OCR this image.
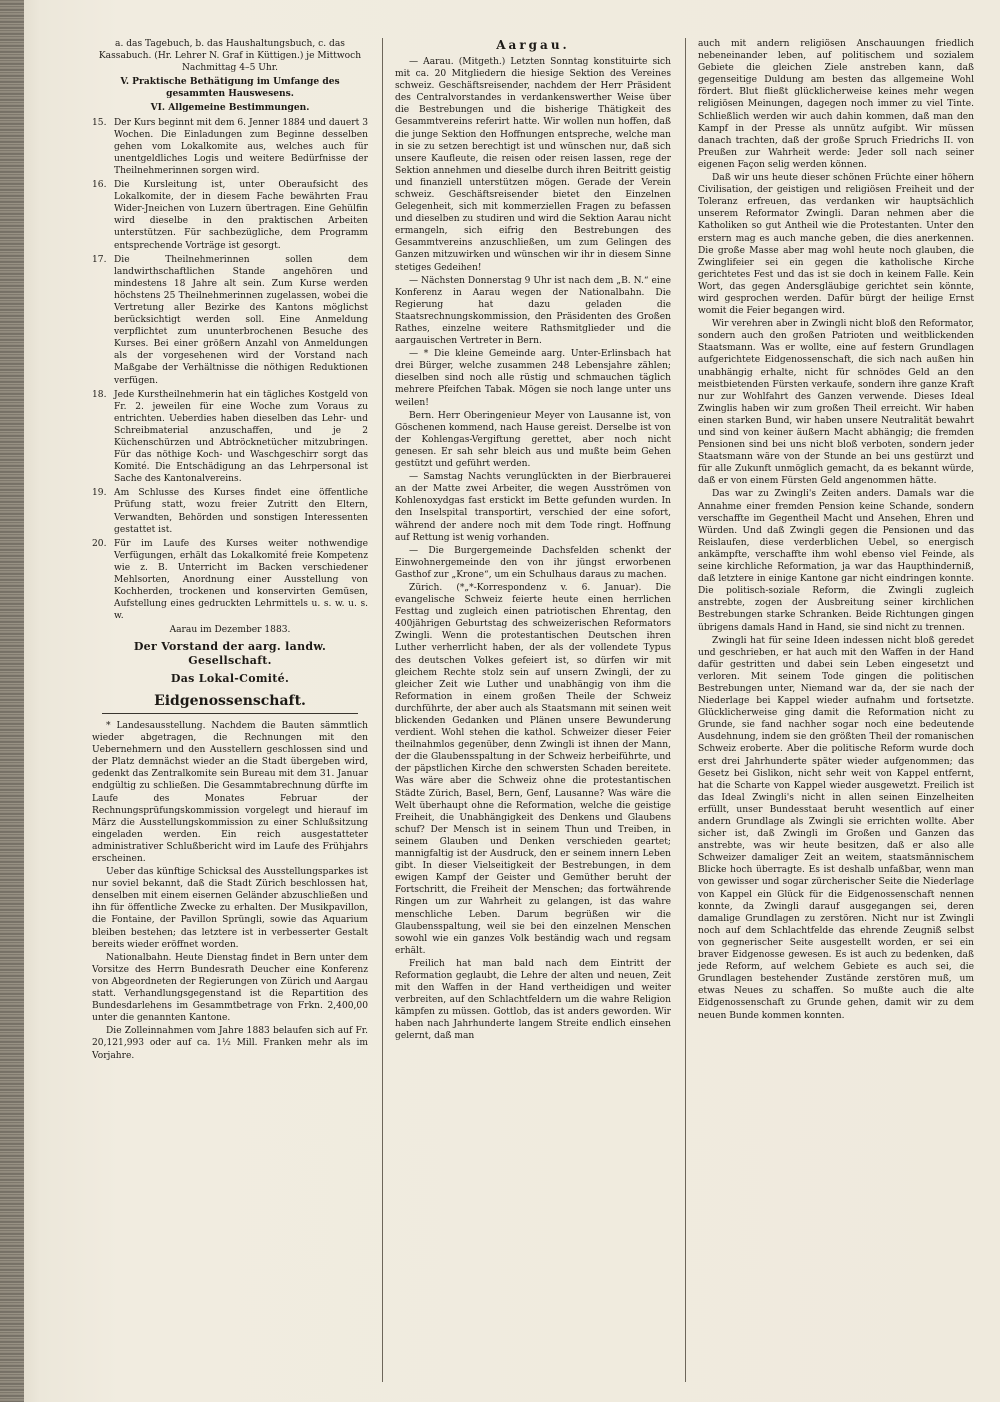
a. das Tagebuch, b. das Haushaltungsbuch, c. das Kassabuch. (Hr. Lehrer N. Graf in Küttigen.) je Mittwoch Nachmittag 4–5 Uhr.

V. Praktische Bethätigung im Umfange des gesammten Hauswesens.

VI. Allgemeine Bestimmungen.

15. Der Kurs beginnt mit dem 6. Jenner 1884 und dauert 3 Wochen. Die Einladungen zum Beginne desselben gehen vom Lokalkomite aus, welches auch für unentgeldliches Logis und weitere Bedürfnisse der Theilnehmerinnen sorgen wird.
16. Die Kursleitung ist, unter Oberaufsicht des Lokalkomite, der in diesem Fache bewährten Frau Wider-Jneichen von Luzern übertragen. Eine Gehülfin wird dieselbe in den praktischen Arbeiten unterstützen. Für sachbezügliche, dem Programm entsprechende Vorträge ist gesorgt.
17. Die Theilnehmerinnen sollen dem landwirthschaftlichen Stande angehören und mindestens 18 Jahre alt sein. Zum Kurse werden höchstens 25 Theilnehmerinnen zugelassen, wobei die Vertretung aller Bezirke des Kantons möglichst berücksichtigt werden soll. Eine Anmeldung verpflichtet zum ununterbrochenen Besuche des Kurses. Bei einer größern Anzahl von Anmeldungen als der vorgesehenen wird der Vorstand nach Maßgabe der Verhältnisse die nöthigen Reduktionen verfügen.
18. Jede Kurstheilnehmerin hat ein tägliches Kostgeld von Fr. 2. jeweilen für eine Woche zum Voraus zu entrichten. Ueberdies haben dieselben das Lehr- und Schreibmaterial anzuschaffen, und je 2 Küchenschürzen und Abtröcknetücher mitzubringen. Für das nöthige Koch- und Waschgeschirr sorgt das Komité. Die Entschädigung an das Lehrpersonal ist Sache des Kantonalvereins.
19. Am Schlusse des Kurses findet eine öffentliche Prüfung statt, wozu freier Zutritt den Eltern, Verwandten, Behörden und sonstigen Interessenten gestattet ist.
20. Für im Laufe des Kurses weiter nothwendige Verfügungen, erhält das Lokalkomité freie Kompetenz wie z. B. Unterricht im Backen verschiedener Mehlsorten, Anordnung einer Ausstellung von Kochherden, trockenen und konservirten Gemüsen, Aufstellung eines gedruckten Lehrmittels u. s. w. u. s. w.

Aarau im Dezember 1883.

Der Vorstand der aarg. landw. Gesellschaft.
Das Lokal-Comité.
Eidgenossenschaft.

* Landesausstellung. Nachdem die Bauten sämmtlich wieder abgetragen, die Rechnungen mit den Uebernehmern und den Ausstellern geschlossen sind und der Platz demnächst wieder an die Stadt übergeben wird, gedenkt das Zentralkomite sein Bureau mit dem 31. Januar endgültig zu schließen. Die Gesammtabrechnung dürfte im Laufe des Monates Februar der Rechnungsprüfungskommission vorgelegt und hierauf im März die Ausstellungskommission zu einer Schlußsitzung eingeladen werden. Ein reich ausgestatteter administrativer Schlußbericht wird im Laufe des Frühjahrs erscheinen.

Ueber das künftige Schicksal des Ausstellungsparkes ist nur soviel bekannt, daß die Stadt Zürich beschlossen hat, denselben mit einem eisernen Geländer abzuschließen und ihn für öffentliche Zwecke zu erhalten. Der Musikpavillon, die Fontaine, der Pavillon Sprüngli, sowie das Aquarium bleiben bestehen; das letztere ist in verbesserter Gestalt bereits wieder eröffnet worden.

Nationalbahn. Heute Dienstag findet in Bern unter dem Vorsitze des Herrn Bundesrath Deucher eine Konferenz von Abgeordneten der Regierungen von Zürich und Aargau statt. Verhandlungsgegenstand ist die Repartition des Bundesdarlehens im Gesammtbetrage von Frkn. 2,400,00 unter die genannten Kantone.

Die Zolleinnahmen vom Jahre 1883 belaufen sich auf Fr. 20,121,993 oder auf ca. 1½ Mill. Franken mehr als im Vorjahre.

Aargau.

— Aarau. (Mitgeth.) Letzten Sonntag konstituirte sich mit ca. 20 Mitgliedern die hiesige Sektion des Vereines schweiz. Geschäftsreisender, nachdem der Herr Präsident des Centralvorstandes in verdankenswerther Weise über die Bestrebungen und die bisherige Thätigkeit des Gesammtvereins referirt hatte. Wir wollen nun hoffen, daß die junge Sektion den Hoffnungen entspreche, welche man in sie zu setzen berechtigt ist und wünschen nur, daß sich unsere Kaufleute, die reisen oder reisen lassen, rege der Sektion annehmen und dieselbe durch ihren Beitritt geistig und finanziell unterstützen mögen. Gerade der Verein schweiz. Geschäftsreisender bietet den Einzelnen Gelegenheit, sich mit kommerziellen Fragen zu befassen und dieselben zu studiren und wird die Sektion Aarau nicht ermangeln, sich eifrig den Bestrebungen des Gesammtvereins anzuschließen, um zum Gelingen des Ganzen mitzuwirken und wünschen wir ihr in diesem Sinne stetiges Gedeihen!

— Nächsten Donnerstag 9 Uhr ist nach dem „B. N.“ eine Konferenz in Aarau wegen der Nationalbahn. Die Regierung hat dazu geladen die Staatsrechnungskommission, den Präsidenten des Großen Rathes, einzelne weitere Rathsmitglieder und die aargauischen Vertreter in Bern.

— * Die kleine Gemeinde aarg. Unter-Erlinsbach hat drei Bürger, welche zusammen 248 Lebensjahre zählen; dieselben sind noch alle rüstig und schmauchen täglich mehrere Pfeifchen Tabak. Mögen sie noch lange unter uns weilen!

Bern. Herr Oberingenieur Meyer von Lausanne ist, von Göschenen kommend, nach Hause gereist. Derselbe ist von der Kohlengas-Vergiftung gerettet, aber noch nicht genesen. Er sah sehr bleich aus und mußte beim Gehen gestützt und geführt werden.

— Samstag Nachts verunglückten in der Bierbrauerei an der Matte zwei Arbeiter, die wegen Ausströmen von Kohlenoxydgas fast erstickt im Bette gefunden wurden. In den Inselspital transportirt, verschied der eine sofort, während der andere noch mit dem Tode ringt. Hoffnung auf Rettung ist wenig vorhanden.

— Die Burgergemeinde Dachsfelden schenkt der Einwohnergemeinde den von ihr jüngst erworbenen Gasthof zur „Krone“, um ein Schulhaus daraus zu machen.

Zürich. (*„*-Korrespondenz v. 6. Januar). Die evangelische Schweiz feierte heute einen herrlichen Festtag und zugleich einen patriotischen Ehrentag, den 400jährigen Geburtstag des schweizerischen Reformators Zwingli. Wenn die protestantischen Deutschen ihren Luther verherrlicht haben, der als der vollendete Typus des deutschen Volkes gefeiert ist, so dürfen wir mit gleichem Rechte stolz sein auf unsern Zwingli, der zu gleicher Zeit wie Luther und unabhängig von ihm die Reformation in einem großen Theile der Schweiz durchführte, der aber auch als Staatsmann mit seinen weit blickenden Gedanken und Plänen unsere Bewunderung verdient. Wohl stehen die kathol. Schweizer dieser Feier theilnahmlos gegenüber, denn Zwingli ist ihnen der Mann, der die Glaubensspaltung in der Schweiz herbeiführte, und der päpstlichen Kirche den schwersten Schaden bereitete. Was wäre aber die Schweiz ohne die protestantischen Städte Zürich, Basel, Bern, Genf, Lausanne? Was wäre die Welt überhaupt ohne die Reformation, welche die geistige Freiheit, die Unabhängigkeit des Denkens und Glaubens schuf? Der Mensch ist in seinem Thun und Treiben, in seinem Glauben und Denken verschieden geartet; mannigfaltig ist der Ausdruck, den er seinem innern Leben gibt. In dieser Vielseitigkeit der Bestrebungen, in dem ewigen Kampf der Geister und Gemüther beruht der Fortschritt, die Freiheit der Menschen; das fortwährende Ringen um zur Wahrheit zu gelangen, ist das wahre menschliche Leben. Darum begrüßen wir die Glaubensspaltung, weil sie bei den einzelnen Menschen sowohl wie ein ganzes Volk beständig wach und regsam erhält.

Freilich hat man bald nach dem Eintritt der Reformation geglaubt, die Lehre der alten und neuen, Zeit mit den Waffen in der Hand vertheidigen und weiter verbreiten, auf den Schlachtfeldern um die wahre Religion kämpfen zu müssen. Gottlob, das ist anders geworden. Wir haben nach Jahrhunderte langem Streite endlich einsehen gelernt, daß man

auch mit andern religiösen Anschauungen friedlich nebeneinander leben, auf politischem und sozialem Gebiete die gleichen Ziele anstreben kann, daß gegenseitige Duldung am besten das allgemeine Wohl fördert. Blut fließt glücklicherweise keines mehr wegen religiösen Meinungen, dagegen noch immer zu viel Tinte. Schließlich werden wir auch dahin kommen, daß man den Kampf in der Presse als unnütz aufgibt. Wir müssen danach trachten, daß der große Spruch Friedrichs II. von Preußen zur Wahrheit werde: Jeder soll nach seiner eigenen Façon selig werden können.

Daß wir uns heute dieser schönen Früchte einer höhern Civilisation, der geistigen und religiösen Freiheit und der Toleranz erfreuen, das verdanken wir hauptsächlich unserem Reformator Zwingli. Daran nehmen aber die Katholiken so gut Antheil wie die Protestanten. Unter den erstern mag es auch manche geben, die dies anerkennen. Die große Masse aber mag wohl heute noch glauben, die Zwinglifeier sei ein gegen die katholische Kirche gerichtetes Fest und das ist sie doch in keinem Falle. Kein Wort, das gegen Andersgläubige gerichtet sein könnte, wird gesprochen werden. Dafür bürgt der heilige Ernst womit die Feier begangen wird.

Wir verehren aber in Zwingli nicht bloß den Reformator, sondern auch den großen Patrioten und weitblickenden Staatsmann. Was er wollte, eine auf festern Grundlagen aufgerichtete Eidgenossenschaft, die sich nach außen hin unabhängig erhalte, nicht für schnödes Geld an den meistbietenden Fürsten verkaufe, sondern ihre ganze Kraft nur zur Wohlfahrt des Ganzen verwende. Dieses Ideal Zwinglis haben wir zum großen Theil erreicht. Wir haben einen starken Bund, wir haben unsere Neutralität bewahrt und sind von keiner äußern Macht abhängig; die fremden Pensionen sind bei uns nicht bloß verboten, sondern jeder Staatsmann wäre von der Stunde an bei uns gestürzt und für alle Zukunft unmöglich gemacht, da es bekannt würde, daß er von einem Fürsten Geld angenommen hätte.

Das war zu Zwingli's Zeiten anders. Damals war die Annahme einer fremden Pension keine Schande, sondern verschaffte im Gegentheil Macht und Ansehen, Ehren und Würden. Und daß Zwingli gegen die Pensionen und das Reislaufen, diese verderblichen Uebel, so energisch ankämpfte, verschaffte ihm wohl ebenso viel Feinde, als seine kirchliche Reformation, ja war das Haupthinderniß, daß letztere in einige Kantone gar nicht eindringen konnte. Die politisch-soziale Reform, die Zwingli zugleich anstrebte, zogen der Ausbreitung seiner kirchlichen Bestrebungen starke Schranken. Beide Richtungen gingen übrigens damals Hand in Hand, sie sind nicht zu trennen.

Zwingli hat für seine Ideen indessen nicht bloß geredet und geschrieben, er hat auch mit den Waffen in der Hand dafür gestritten und dabei sein Leben eingesetzt und verloren. Mit seinem Tode gingen die politischen Bestrebungen unter, Niemand war da, der sie nach der Niederlage bei Kappel wieder aufnahm und fortsetzte. Glücklicherweise ging damit die Reformation nicht zu Grunde, sie fand nachher sogar noch eine bedeutende Ausdehnung, indem sie den größten Theil der romanischen Schweiz eroberte. Aber die politische Reform wurde doch erst drei Jahrhunderte später wieder aufgenommen; das Gesetz bei Gislikon, nicht sehr weit von Kappel entfernt, hat die Scharte von Kappel wieder ausgewetzt. Freilich ist das Ideal Zwingli's nicht in allen seinen Einzelheiten erfüllt, unser Bundesstaat beruht wesentlich auf einer andern Grundlage als Zwingli sie errichten wollte. Aber sicher ist, daß Zwingli im Großen und Ganzen das anstrebte, was wir heute besitzen, daß er also alle Schweizer damaliger Zeit an weitem, staatsmännischem Blicke hoch überragte. Es ist deshalb unfaßbar, wenn man von gewisser und sogar zürcherischer Seite die Niederlage von Kappel ein Glück für die Eidgenossenschaft nennen konnte, da Zwingli darauf ausgegangen sei, deren damalige Grundlagen zu zerstören. Nicht nur ist Zwingli noch auf dem Schlachtfelde das ehrende Zeugniß selbst von gegnerischer Seite ausgestellt worden, er sei ein braver Eidgenosse gewesen. Es ist auch zu bedenken, daß jede Reform, auf welchem Gebiete es auch sei, die Grundlagen bestehender Zustände zerstören muß, um etwas Neues zu schaffen. So mußte auch die alte Eidgenossenschaft zu Grunde gehen, damit wir zu dem neuen Bunde kommen konnten.
